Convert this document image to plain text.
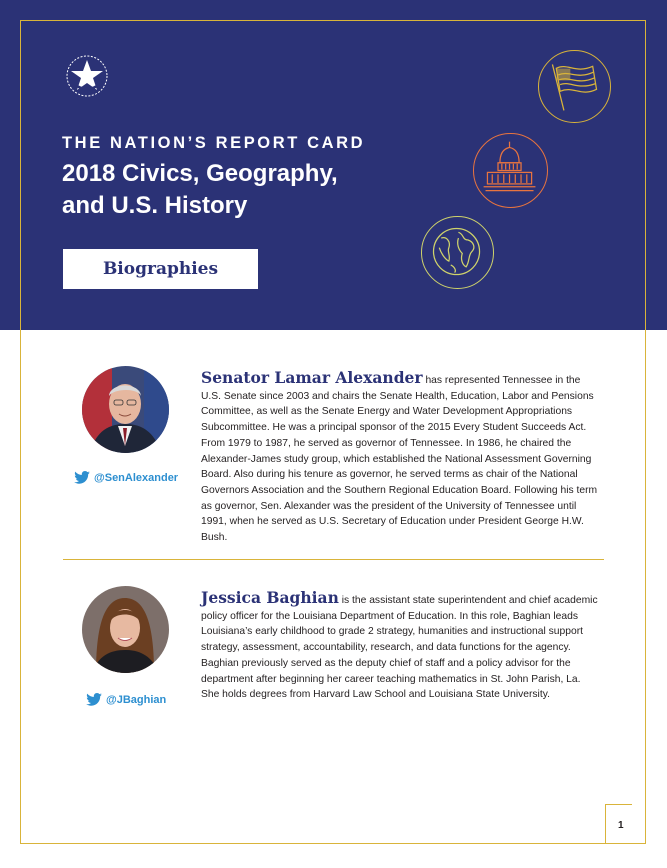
THE NATION’S REPORT CARD
2018 Civics, Geography,
and U.S. History
Biographies
@SenAlexander
Senator Lamar Alexander has represented Tennessee in the U.S. Senate since 2003 and chairs the Senate Health, Education, Labor and Pensions Committee, as well as the Senate Energy and Water Development Appropriations Subcommittee. He was a principal sponsor of the 2015 Every Student Succeeds Act. From 1979 to 1987, he served as governor of Tennessee. In 1986, he chaired the Alexander-James study group, which established the National Assessment Governing Board. Also during his tenure as governor, he served terms as chair of the National Governors Association and the Southern Regional Education Board. Following his term as governor, Sen. Alexander was the president of the University of Tennessee until 1991, when he served as U.S. Secretary of Education under President George H.W. Bush.
@JBaghian
Jessica Baghian is the assistant state superintendent and chief academic policy officer for the Louisiana Department of Education. In this role, Baghian leads Louisiana’s early childhood to grade 2 strategy, humanities and instructional support strategy, assessment, accountability, research, and data functions for the agency. Baghian previously served as the deputy chief of staff and a policy advisor for the department after beginning her career teaching mathematics in St. John Parish, La. She holds degrees from Harvard Law School and Louisiana State University.
1
